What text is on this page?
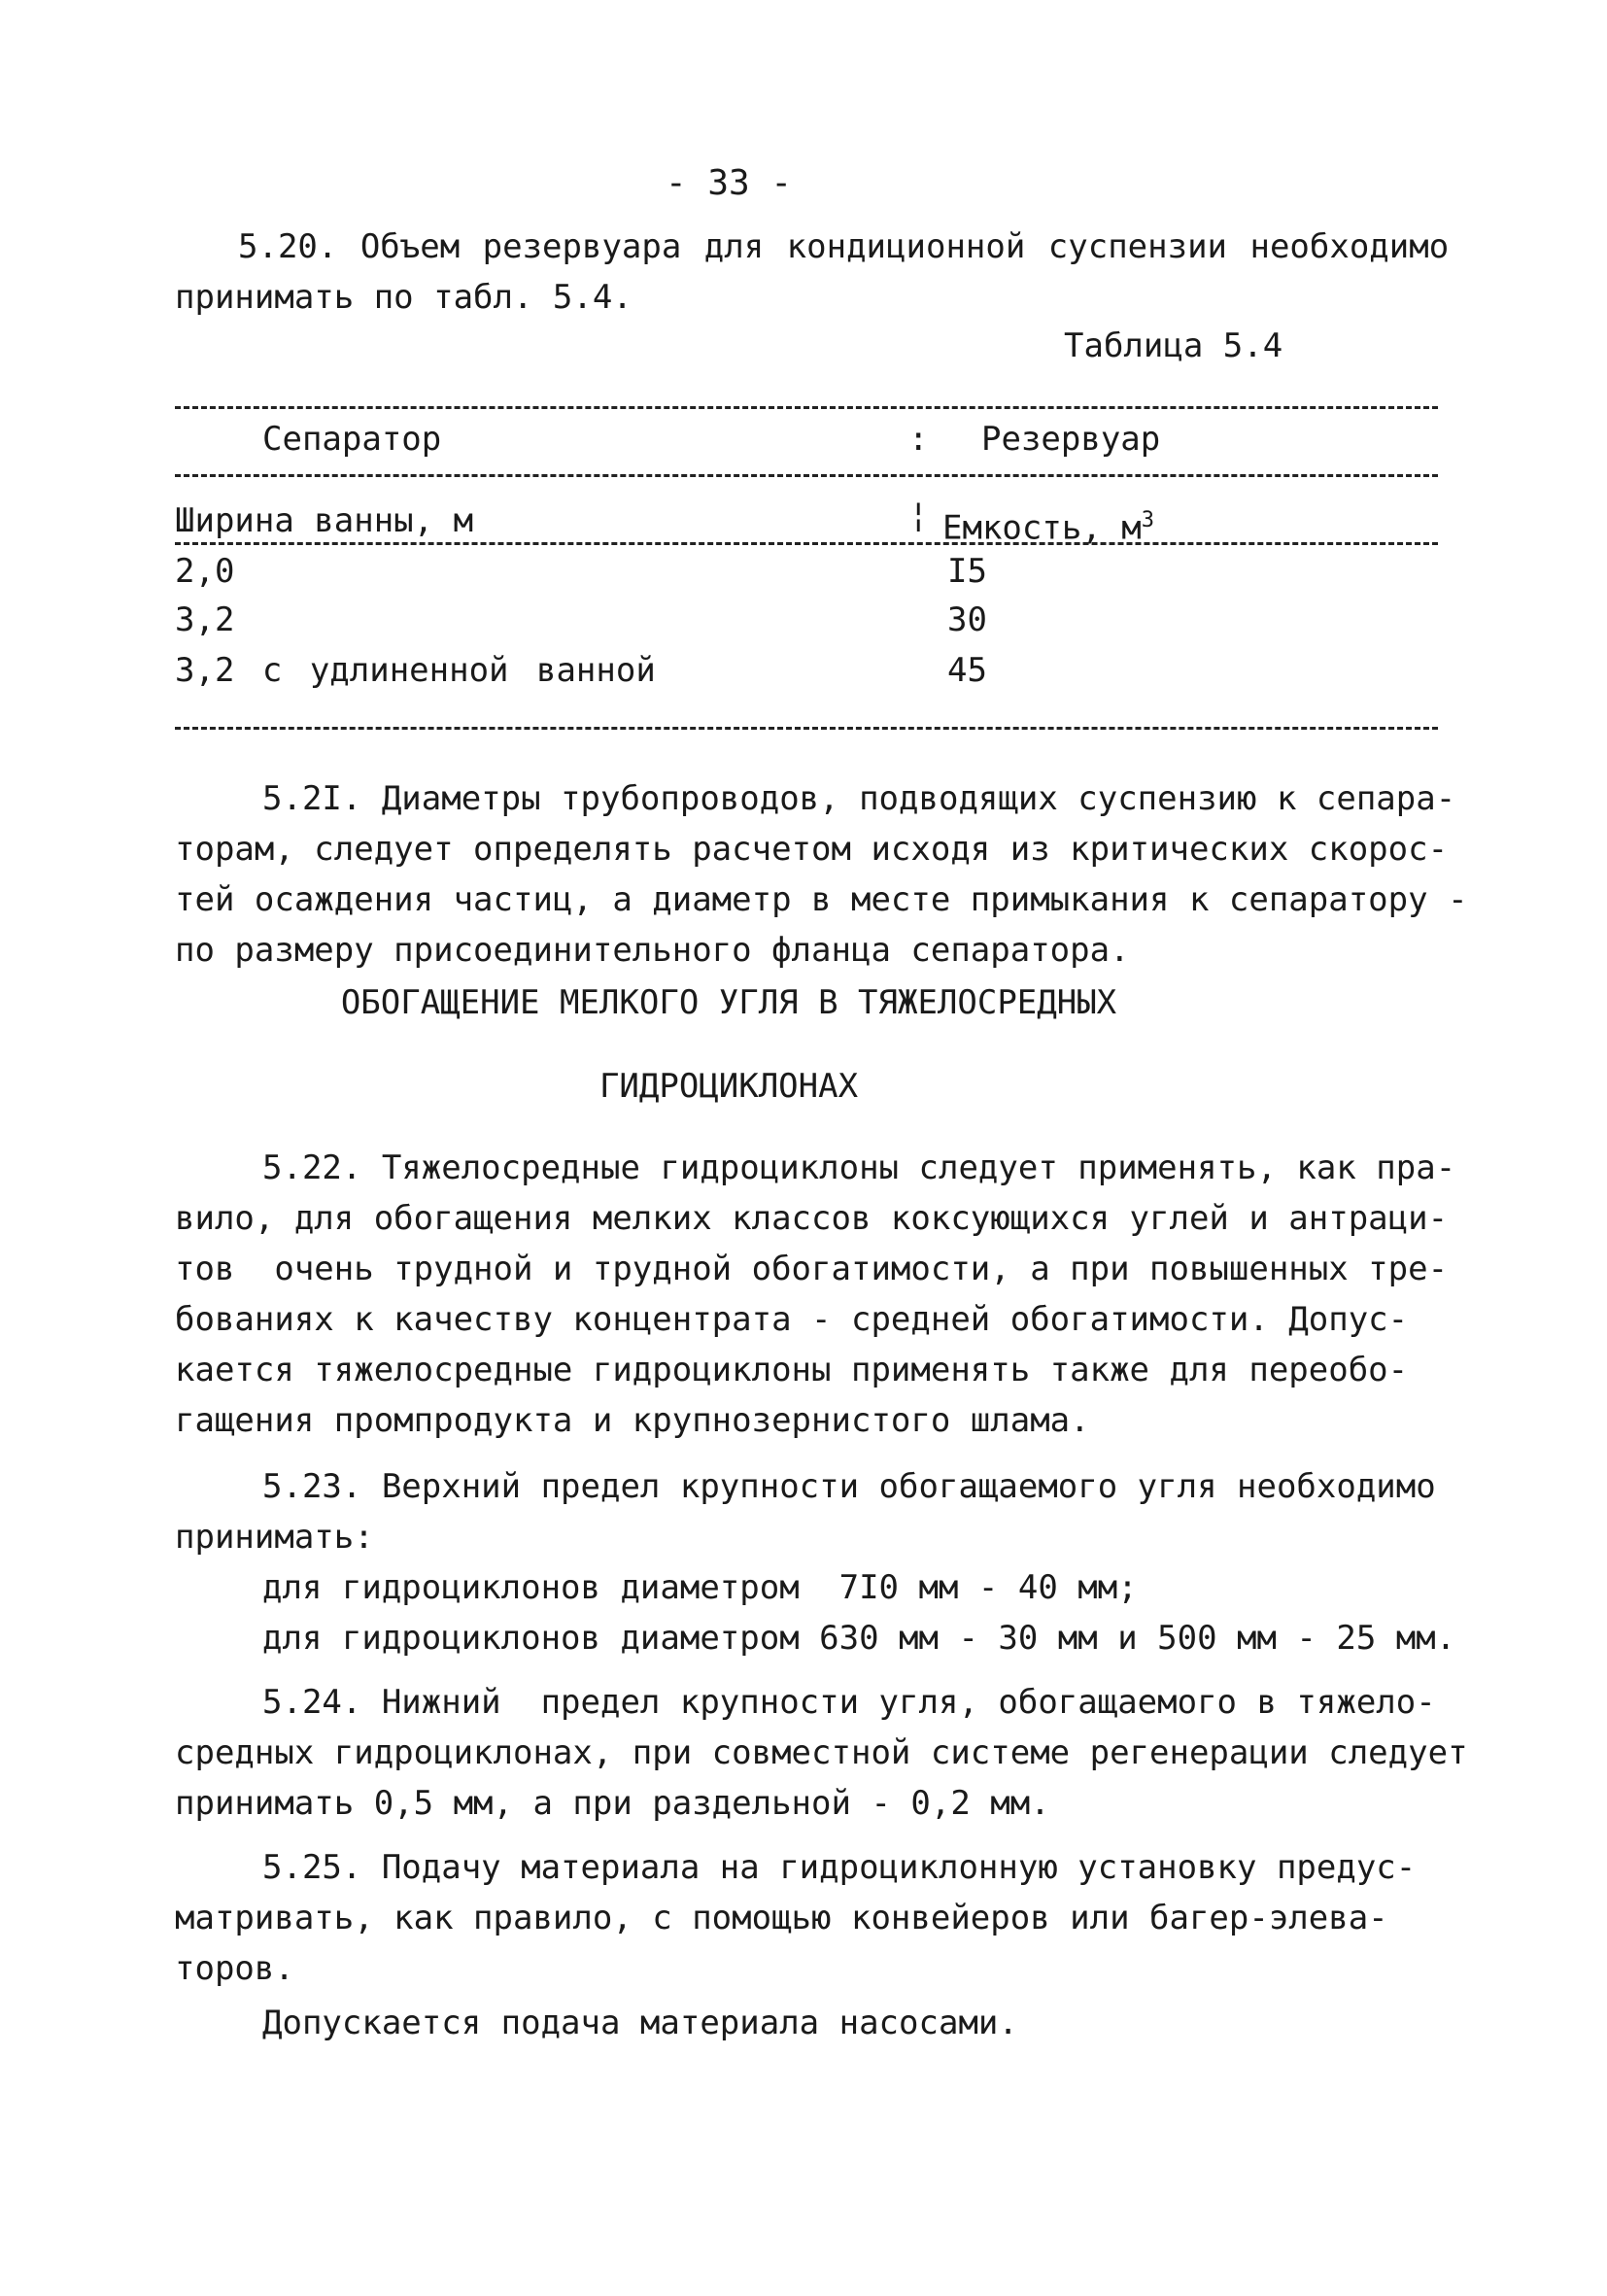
- 33 -
5.20. Объем резервуара для кондиционной суспензии необходимо
принимать по табл. 5.4.
Таблица 5.4
Сепаратор	: Резервуар
Ширина ванны, м	¦ Емкость, $м^3$
2,0	I5
3,2	30
3,2 с удлиненной ванной	45
5.2I. Диаметры трубопроводов, подводящих суспензию к сепара-
торам, следует определять расчетом исходя из критических скорос-
тей осаждения частиц, а диаметр в месте примыкания к сепаратору -
по размеру присоединительного фланца сепаратора.
ОБОГАЩЕНИЕ МЕЛКОГО УГЛЯ В ТЯЖЕЛОСРЕДНЫХ
ГИДРОЦИКЛОНАХ
5.22. Тяжелосредные гидроциклоны следует применять, как пра-
вило, для обогащения мелких классов коксующихся углей и антраци-
тов  очень трудной и трудной обогатимости, а при повышенных тре-
бованиях к качеству концентрата - средней обогатимости. Допус-
кается тяжелосредные гидроциклоны применять также для переобо-
гащения промпродукта и крупнозернистого шлама.
5.23. Верхний предел крупности обогащаемого угля необходимо
принимать:
для гидроциклонов диаметром  7I0 мм - 40 мм;
для гидроциклонов диаметром 630 мм - 30 мм и 500 мм - 25 мм.
5.24. Нижний  предел крупности угля, обогащаемого в тяжело-
средных гидроциклонах, при совместной системе регенерации следует
принимать 0,5 мм, а при раздельной - 0,2 мм.
5.25. Подачу материала на гидроциклонную установку предус-
матривать, как правило, с помощью конвейеров или багер-элева-
торов.
Допускается подача материала насосами.
